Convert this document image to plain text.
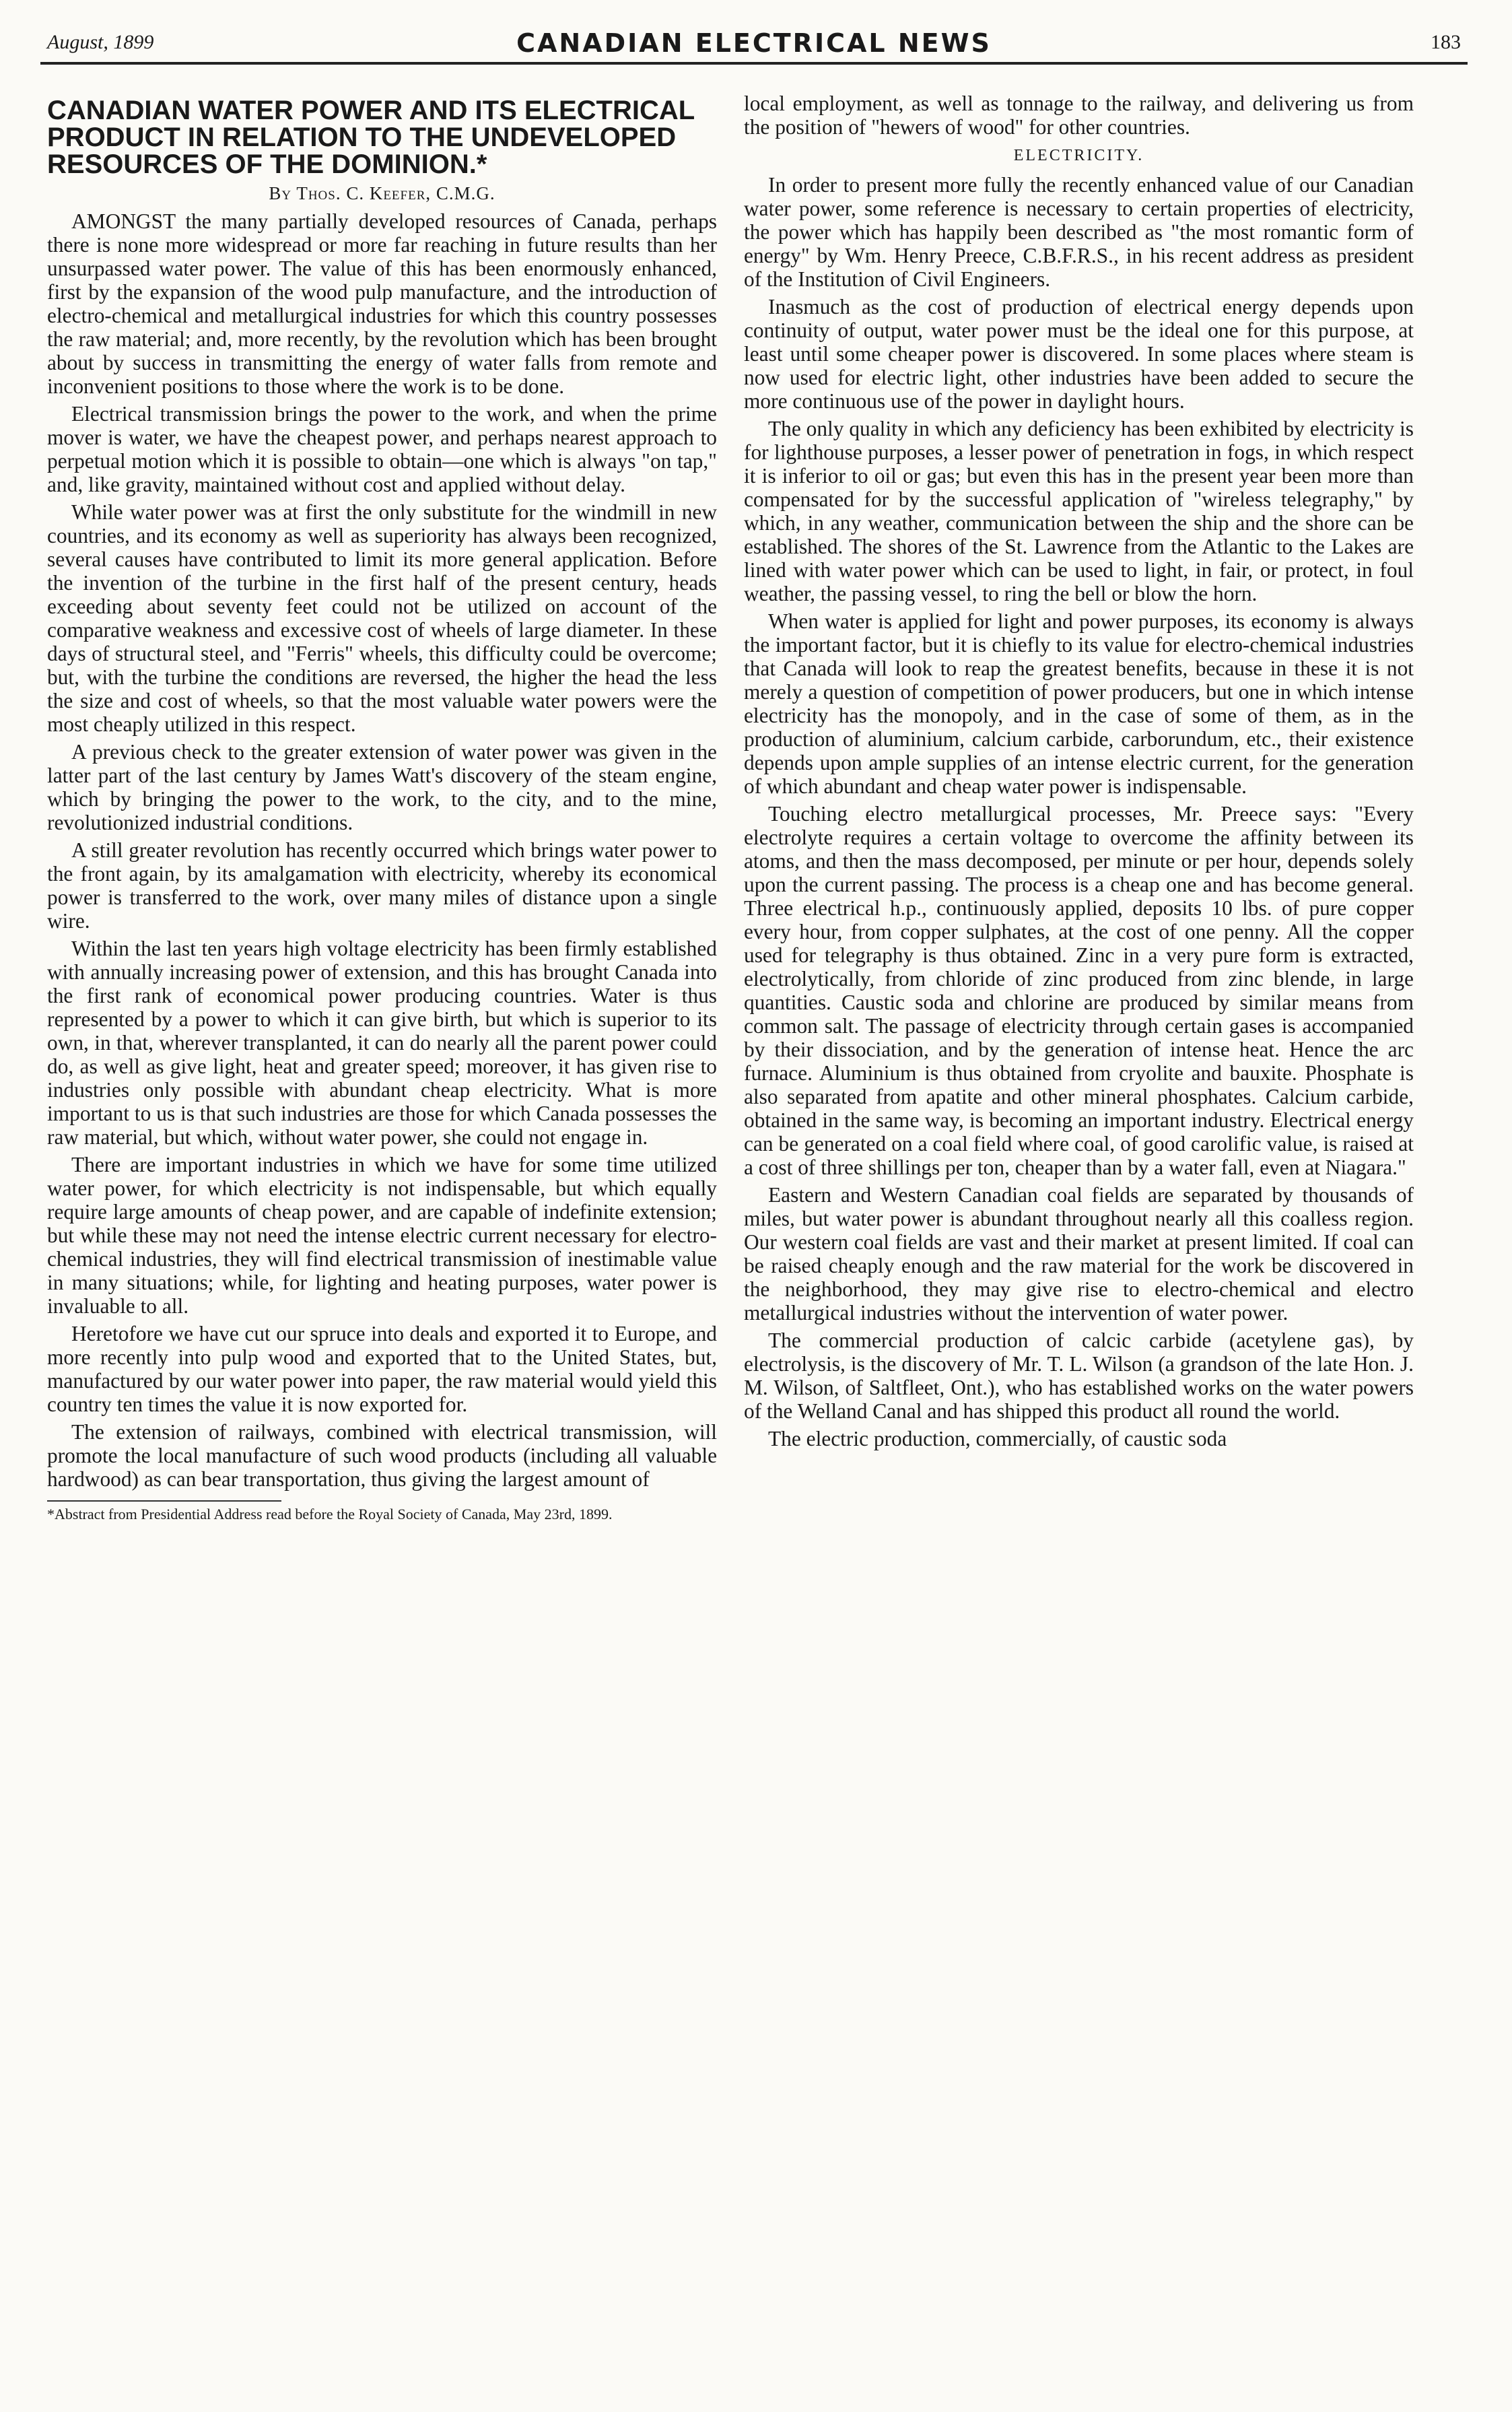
August, 1899	CANADIAN ELECTRICAL NEWS	183
CANADIAN WATER POWER AND ITS ELECTRICAL PRODUCT IN RELATION TO THE UNDEVELOPED RESOURCES OF THE DOMINION.*
By Thos. C. Keefer, C.M.G.

AMONGST the many partially developed resources of Canada, perhaps there is none more widespread or more far reaching in future results than her unsurpassed water power. The value of this has been enormously enhanced, first by the expansion of the wood pulp manufacture, and the introduction of electro-chemical and metallurgical industries for which this country possesses the raw material; and, more recently, by the revolution which has been brought about by success in transmitting the energy of water falls from remote and inconvenient positions to those where the work is to be done.

Electrical transmission brings the power to the work, and when the prime mover is water, we have the cheapest power, and perhaps nearest approach to perpetual motion which it is possible to obtain—one which is always "on tap," and, like gravity, maintained without cost and applied without delay.

While water power was at first the only substitute for the windmill in new countries, and its economy as well as superiority has always been recognized, several causes have contributed to limit its more general application. Before the invention of the turbine in the first half of the present century, heads exceeding about seventy feet could not be utilized on account of the comparative weakness and excessive cost of wheels of large diameter. In these days of structural steel, and "Ferris" wheels, this difficulty could be overcome; but, with the turbine the conditions are reversed, the higher the head the less the size and cost of wheels, so that the most valuable water powers were the most cheaply utilized in this respect.

A previous check to the greater extension of water power was given in the latter part of the last century by James Watt's discovery of the steam engine, which by bringing the power to the work, to the city, and to the mine, revolutionized industrial conditions.

A still greater revolution has recently occurred which brings water power to the front again, by its amalgamation with electricity, whereby its economical power is transferred to the work, over many miles of distance upon a single wire.

Within the last ten years high voltage electricity has been firmly established with annually increasing power of extension, and this has brought Canada into the first rank of economical power producing countries. Water is thus represented by a power to which it can give birth, but which is superior to its own, in that, wherever transplanted, it can do nearly all the parent power could do, as well as give light, heat and greater speed; moreover, it has given rise to industries only possible with abundant cheap electricity. What is more important to us is that such industries are those for which Canada possesses the raw material, but which, without water power, she could not engage in.

There are important industries in which we have for some time utilized water power, for which electricity is not indispensable, but which equally require large amounts of cheap power, and are capable of indefinite extension; but while these may not need the intense electric current necessary for electro-chemical industries, they will find electrical transmission of inestimable value in many situations; while, for lighting and heating purposes, water power is invaluable to all.

Heretofore we have cut our spruce into deals and exported it to Europe, and more recently into pulp wood and exported that to the United States, but, manufactured by our water power into paper, the raw material would yield this country ten times the value it is now exported for.

The extension of railways, combined with electrical transmission, will promote the local manufacture of such wood products (including all valuable hardwood) as can bear transportation, thus giving the largest amount of

*Abstract from Presidential Address read before the Royal Society of Canada, May 23rd, 1899.

local employment, as well as tonnage to the railway, and delivering us from the position of "hewers of wood" for other countries.

ELECTRICITY.

In order to present more fully the recently enhanced value of our Canadian water power, some reference is necessary to certain properties of electricity, the power which has happily been described as "the most romantic form of energy" by Wm. Henry Preece, C.B.F.R.S., in his recent address as president of the Institution of Civil Engineers.

Inasmuch as the cost of production of electrical energy depends upon continuity of output, water power must be the ideal one for this purpose, at least until some cheaper power is discovered. In some places where steam is now used for electric light, other industries have been added to secure the more continuous use of the power in daylight hours.

The only quality in which any deficiency has been exhibited by electricity is for lighthouse purposes, a lesser power of penetration in fogs, in which respect it is inferior to oil or gas; but even this has in the present year been more than compensated for by the successful application of "wireless telegraphy," by which, in any weather, communication between the ship and the shore can be established. The shores of the St. Lawrence from the Atlantic to the Lakes are lined with water power which can be used to light, in fair, or protect, in foul weather, the passing vessel, to ring the bell or blow the horn.

When water is applied for light and power purposes, its economy is always the important factor, but it is chiefly to its value for electro-chemical industries that Canada will look to reap the greatest benefits, because in these it is not merely a question of competition of power producers, but one in which intense electricity has the monopoly, and in the case of some of them, as in the production of aluminium, calcium carbide, carborundum, etc., their existence depends upon ample supplies of an intense electric current, for the generation of which abundant and cheap water power is indispensable.

Touching electro metallurgical processes, Mr. Preece says: "Every electrolyte requires a certain voltage to overcome the affinity between its atoms, and then the mass decomposed, per minute or per hour, depends solely upon the current passing. The process is a cheap one and has become general. Three electrical h.p., continuously applied, deposits 10 lbs. of pure copper every hour, from copper sulphates, at the cost of one penny. All the copper used for telegraphy is thus obtained. Zinc in a very pure form is extracted, electrolytically, from chloride of zinc produced from zinc blende, in large quantities. Caustic soda and chlorine are produced by similar means from common salt. The passage of electricity through certain gases is accompanied by their dissociation, and by the generation of intense heat. Hence the arc furnace. Aluminium is thus obtained from cryolite and bauxite. Phosphate is also separated from apatite and other mineral phosphates. Calcium carbide, obtained in the same way, is becoming an important industry. Electrical energy can be generated on a coal field where coal, of good carolific value, is raised at a cost of three shillings per ton, cheaper than by a water fall, even at Niagara."

Eastern and Western Canadian coal fields are separated by thousands of miles, but water power is abundant throughout nearly all this coalless region. Our western coal fields are vast and their market at present limited. If coal can be raised cheaply enough and the raw material for the work be discovered in the neighborhood, they may give rise to electro-chemical and electro metallurgical industries without the intervention of water power.

The commercial production of calcic carbide (acetylene gas), by electrolysis, is the discovery of Mr. T. L. Wilson (a grandson of the late Hon. J. M. Wilson, of Saltfleet, Ont.), who has established works on the water powers of the Welland Canal and has shipped this product all round the world.

The electric production, commercially, of caustic soda
